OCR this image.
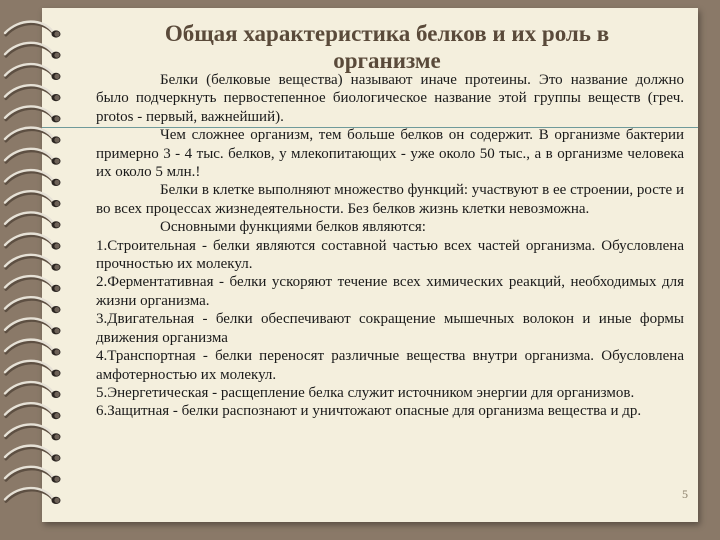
Общая характеристика белков и их роль в организме

Белки (белковые вещества) называют иначе протеины. Это название должно было подчеркнуть первостепенное биологическое название этой группы веществ (греч. protos - первый, важнейший).

Чем сложнее организм, тем больше белков он содержит. В организме бактерии примерно 3 - 4 тыс. белков, у млекопитающих - уже около 50 тыс., а в организме человека их около 5 млн.!

Белки в клетке выполняют множество функций: участвуют в ее строении, росте и во всех процессах жизнедеятельности. Без белков жизнь клетки невозможна.

Основными функциями белков являются:

1.Строительная - белки являются составной частью всех частей организма. Обусловлена прочностью их молекул.

2.Ферментативная - белки ускоряют течение всех химических реакций, необходимых для жизни организма.

3.Двигательная - белки обеспечивают сокращение мышечных волокон и иные формы движения организма

4.Транспортная - белки переносят различные вещества внутри организма. Обусловлена амфотерностью их молекул.

5.Энергетическая - расщепление белка служит источником энергии для организмов.

6.Защитная - белки распознают и уничтожают опасные для организма вещества и др.

5
